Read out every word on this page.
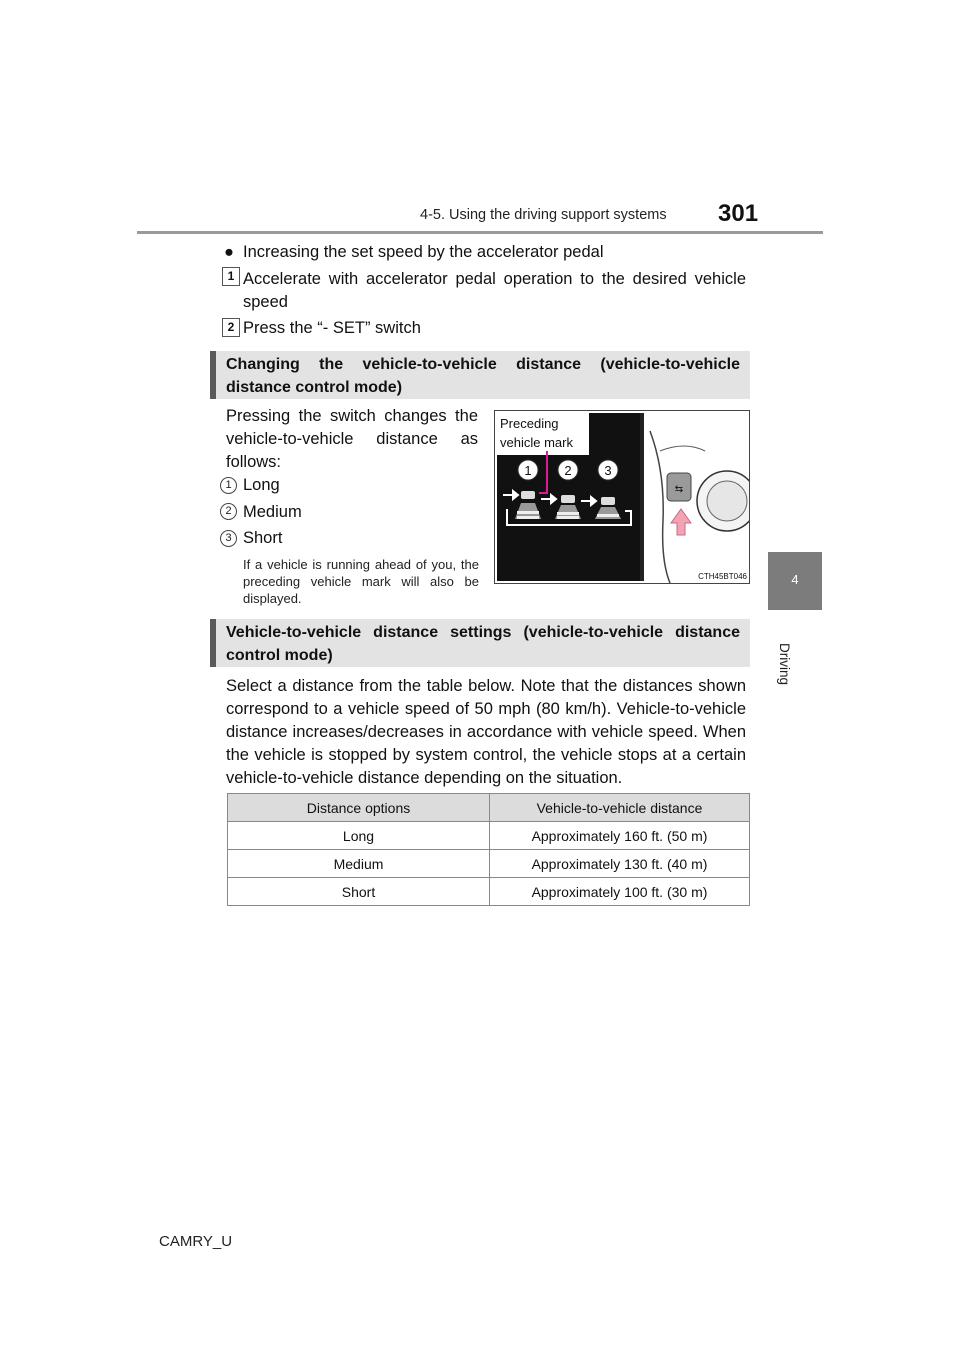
4-5. Using the driving support systems 301
4
Driving
● Increasing the set speed by the accelerator pedal
1 Accelerate with accelerator pedal operation to the desired vehicle speed
2 Press the “- SET” switch
Changing the vehicle-to-vehicle distance (vehicle-to-vehicle distance control mode)
Pressing the switch changes the vehicle-to-vehicle distance as follows:
1 Long
2 Medium
3 Short
If a vehicle is running ahead of you, the preceding vehicle mark will also be displayed.
Preceding
vehicle mark
1	2	3
⇆
CTH45BT046
Vehicle-to-vehicle distance settings (vehicle-to-vehicle distance control mode)
Select a distance from the table below. Note that the distances shown correspond to a vehicle speed of 50 mph (80 km/h). Vehicle-to-vehicle distance increases/decreases in accordance with vehicle speed. When the vehicle is stopped by system control, the vehicle stops at a certain vehicle-to-vehicle distance depending on the situation.
Distance options	Vehicle-to-vehicle distance
Long	Approximately 160 ft. (50 m)
Medium	Approximately 130 ft. (40 m)
Short	Approximately 100 ft. (30 m)
CAMRY_U
